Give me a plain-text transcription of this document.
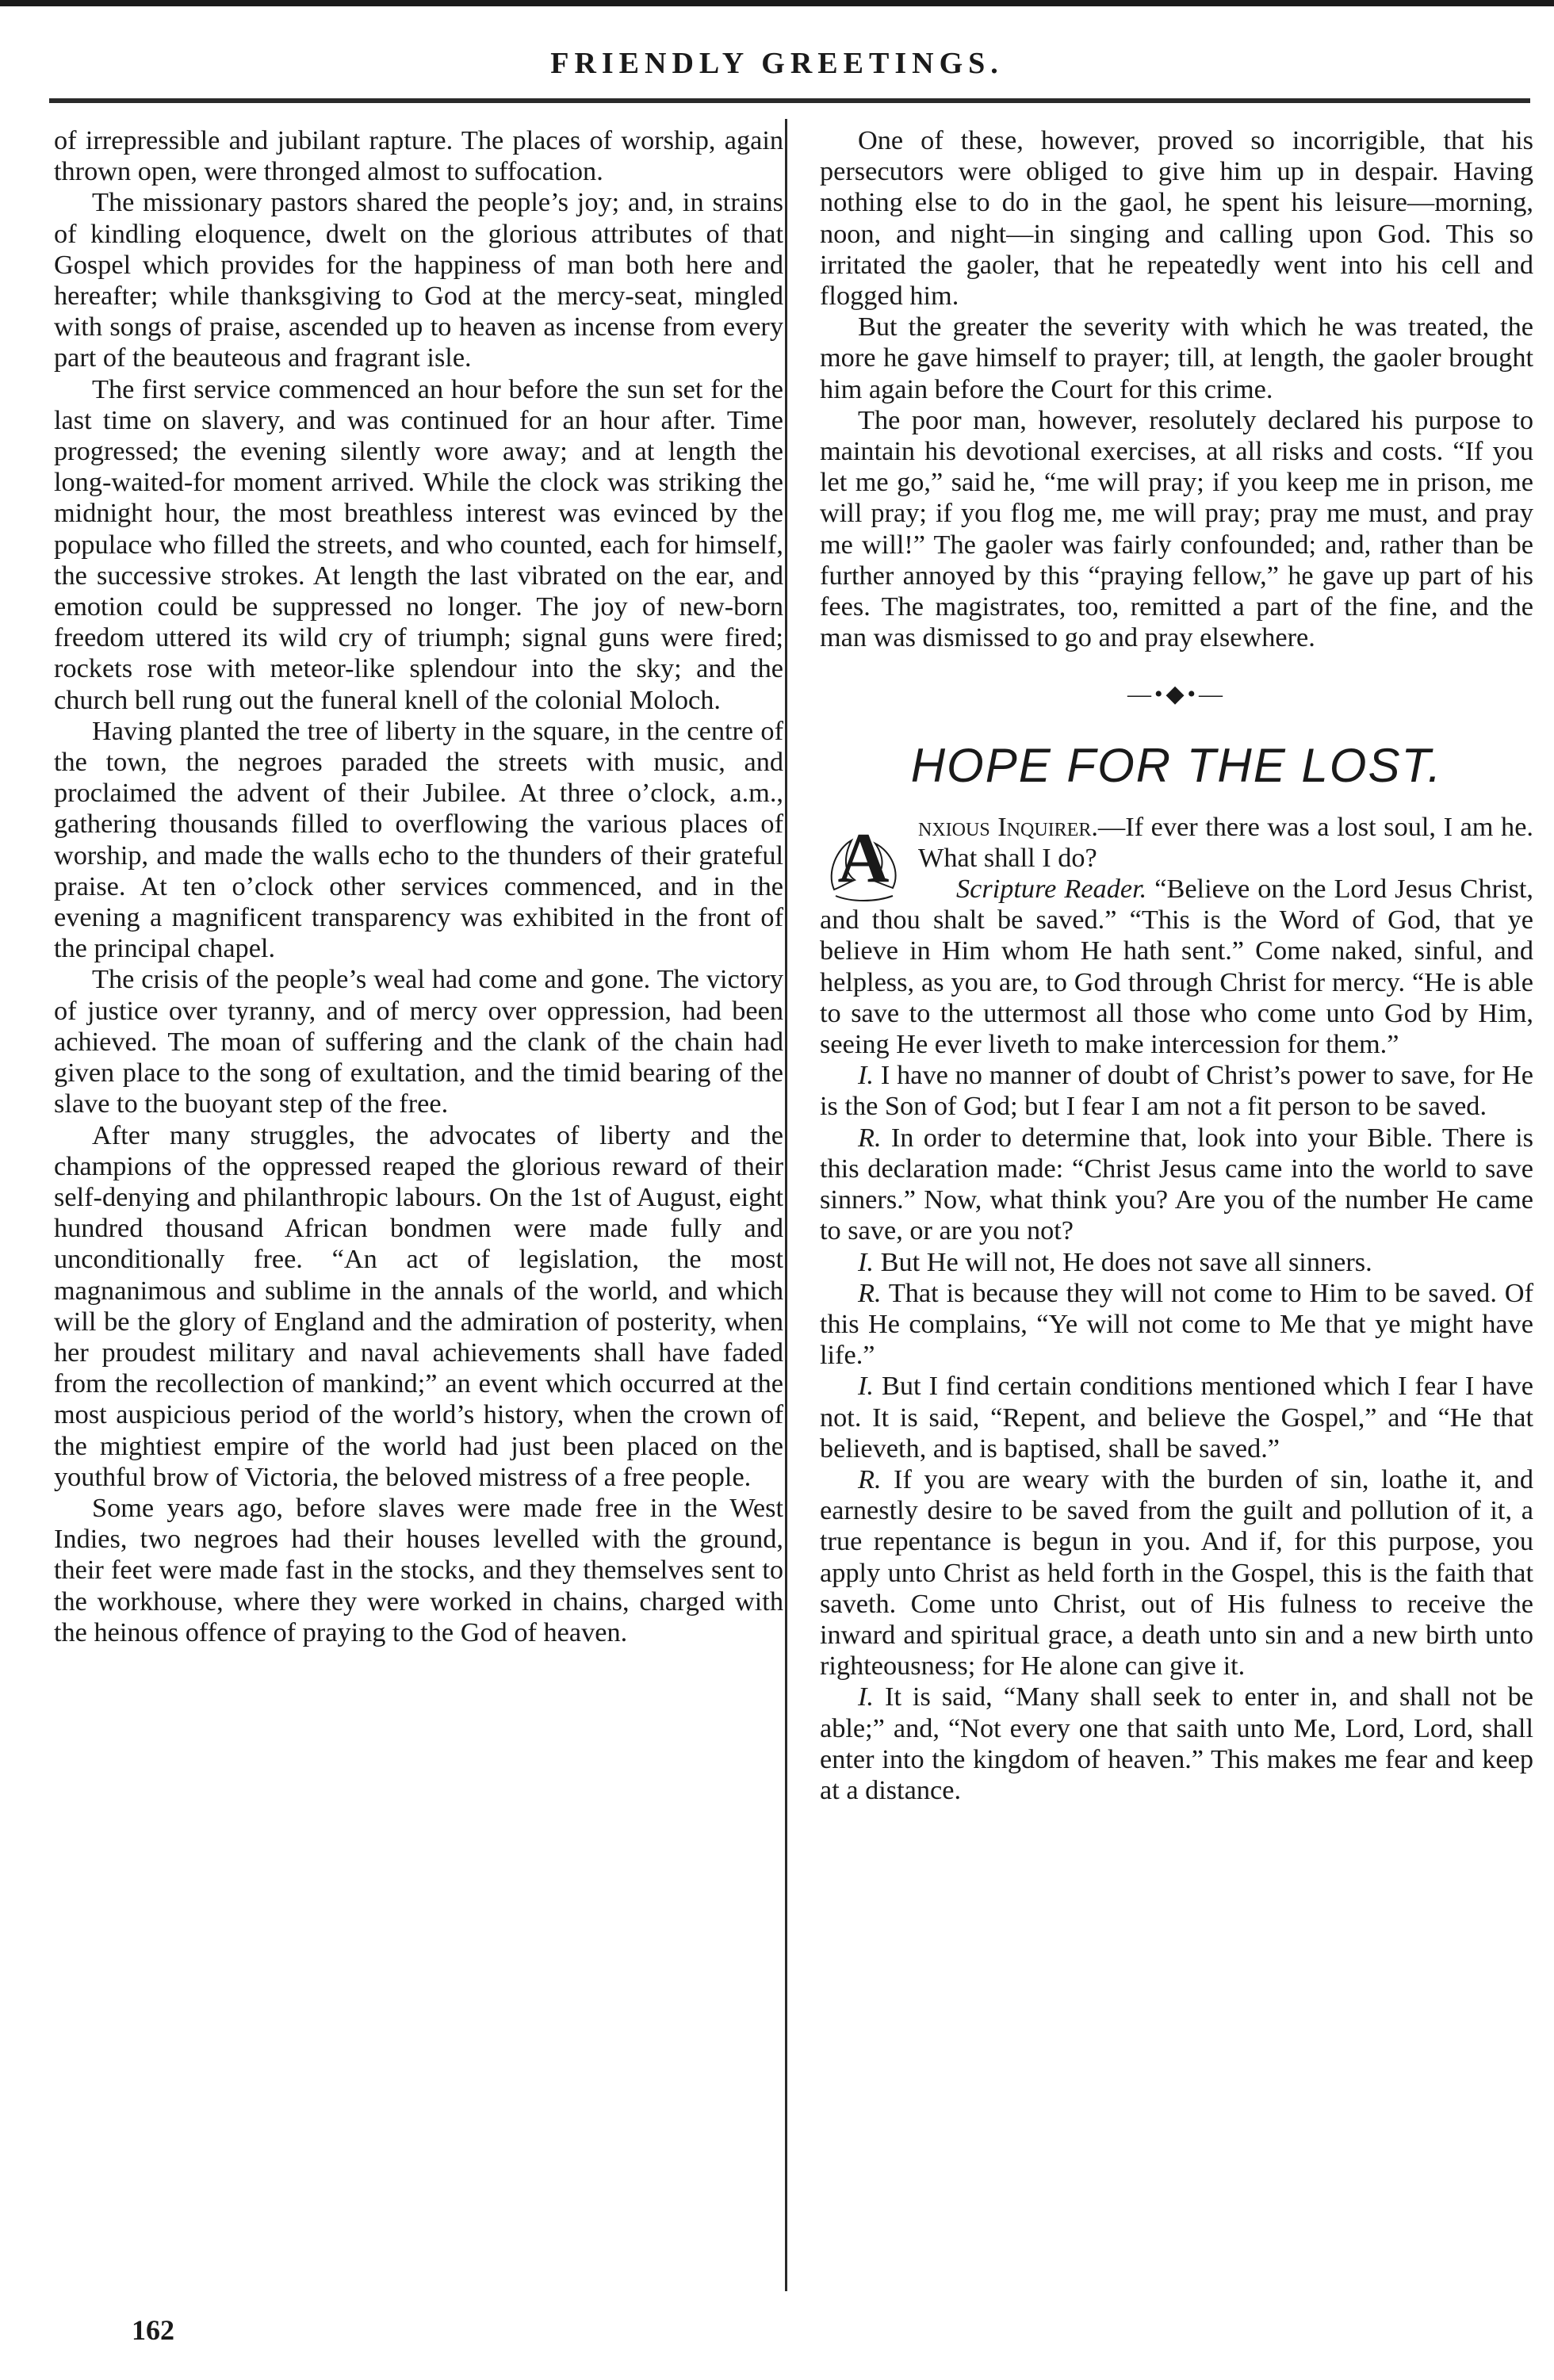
FRIENDLY GREETINGS.

of irrepressible and jubilant rapture. The places of worship, again thrown open, were thronged almost to suffocation.

The missionary pastors shared the people’s joy; and, in strains of kindling eloquence, dwelt on the glorious attributes of that Gospel which provides for the happiness of man both here and hereafter; while thanksgiving to God at the mercy-seat, mingled with songs of praise, ascended up to heaven as incense from every part of the beauteous and fragrant isle.

The first service commenced an hour before the sun set for the last time on slavery, and was continued for an hour after. Time progressed; the evening silently wore away; and at length the long-waited-for moment arrived. While the clock was striking the midnight hour, the most breathless interest was evinced by the populace who filled the streets, and who counted, each for himself, the successive strokes. At length the last vibrated on the ear, and emotion could be suppressed no longer. The joy of new-born freedom uttered its wild cry of triumph; signal guns were fired; rockets rose with meteor-like splendour into the sky; and the church bell rung out the funeral knell of the colonial Moloch.

Having planted the tree of liberty in the square, in the centre of the town, the negroes paraded the streets with music, and proclaimed the advent of their Jubilee. At three o’clock, a.m., gathering thousands filled to overflowing the various places of worship, and made the walls echo to the thunders of their grateful praise. At ten o’clock other services commenced, and in the evening a magnificent transparency was exhibited in the front of the principal chapel.

The crisis of the people’s weal had come and gone. The victory of justice over tyranny, and of mercy over oppression, had been achieved. The moan of suffering and the clank of the chain had given place to the song of exultation, and the timid bearing of the slave to the buoyant step of the free.

After many struggles, the advocates of liberty and the champions of the oppressed reaped the glorious reward of their self-denying and philanthropic labours. On the 1st of August, eight hundred thousand African bondmen were made fully and unconditionally free. “An act of legislation, the most magnanimous and sublime in the annals of the world, and which will be the glory of England and the admiration of posterity, when her proudest military and naval achievements shall have faded from the recollection of mankind;” an event which occurred at the most auspicious period of the world’s history, when the crown of the mightiest empire of the world had just been placed on the youthful brow of Victoria, the beloved mistress of a free people.

Some years ago, before slaves were made free in the West Indies, two negroes had their houses levelled with the ground, their feet were made fast in the stocks, and they themselves sent to the workhouse, where they were worked in chains, charged with the heinous offence of praying to the God of heaven.

One of these, however, proved so incorrigible, that his persecutors were obliged to give him up in despair. Having nothing else to do in the gaol, he spent his leisure—morning, noon, and night—in singing and calling upon God. This so irritated the gaoler, that he repeatedly went into his cell and flogged him.

But the greater the severity with which he was treated, the more he gave himself to prayer; till, at length, the gaoler brought him again before the Court for this crime.

The poor man, however, resolutely declared his purpose to maintain his devotional exercises, at all risks and costs. “If you let me go,” said he, “me will pray; if you keep me in prison, me will pray; if you flog me, me will pray; pray me must, and pray me will!” The gaoler was fairly confounded; and, rather than be further annoyed by this “praying fellow,” he gave up part of his fees. The magistrates, too, remitted a part of the fine, and the man was dismissed to go and pray elsewhere.

—•◆•—
HOPE FOR THE LOST.

A nxious Inquirer.—If ever there was a lost soul, I am he. What shall I do?

Scripture Reader. “Believe on the Lord Jesus Christ, and thou shalt be saved.” “This is the Word of God, that ye believe in Him whom He hath sent.” Come naked, sinful, and helpless, as you are, to God through Christ for mercy. “He is able to save to the uttermost all those who come unto God by Him, seeing He ever liveth to make intercession for them.”

I. I have no manner of doubt of Christ’s power to save, for He is the Son of God; but I fear I am not a fit person to be saved.

R. In order to determine that, look into your Bible. There is this declaration made: “Christ Jesus came into the world to save sinners.” Now, what think you? Are you of the number He came to save, or are you not?

I. But He will not, He does not save all sinners.

R. That is because they will not come to Him to be saved. Of this He complains, “Ye will not come to Me that ye might have life.”

I. But I find certain conditions mentioned which I fear I have not. It is said, “Repent, and believe the Gospel,” and “He that believeth, and is baptised, shall be saved.”

R. If you are weary with the burden of sin, loathe it, and earnestly desire to be saved from the guilt and pollution of it, a true repentance is begun in you. And if, for this purpose, you apply unto Christ as held forth in the Gospel, this is the faith that saveth. Come unto Christ, out of His fulness to receive the inward and spiritual grace, a death unto sin and a new birth unto righteousness; for He alone can give it.

I. It is said, “Many shall seek to enter in, and shall not be able;” and, “Not every one that saith unto Me, Lord, Lord, shall enter into the kingdom of heaven.” This makes me fear and keep at a distance.

162
